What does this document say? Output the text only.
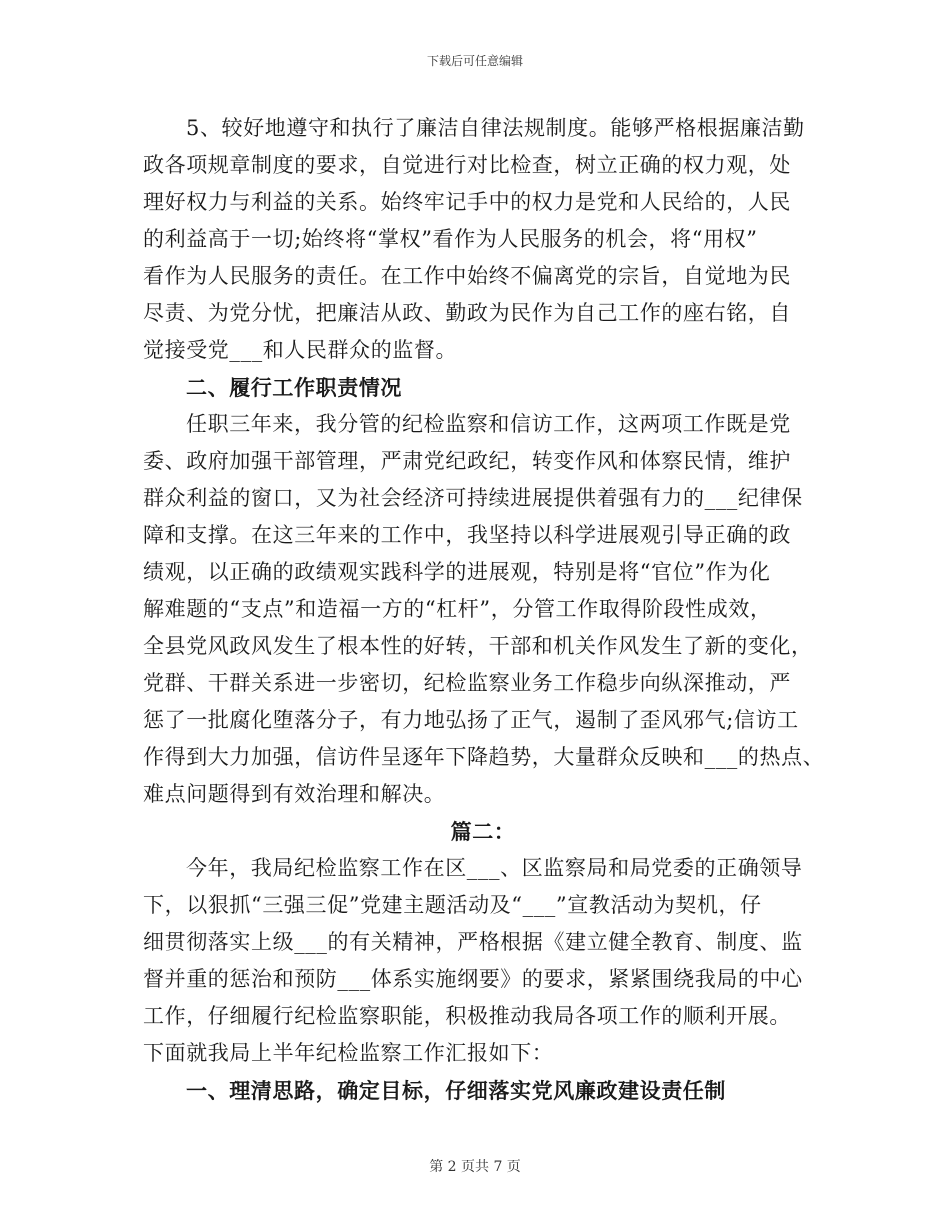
下载后可任意编辑
5、较好地遵守和执行了廉洁自律法规制度。能够严格根据廉洁勤
政各项规章制度的要求，自觉进行对比检查，树立正确的权力观，处
理好权力与利益的关系。始终牢记手中的权力是党和人民给的，人民
的利益高于一切;始终将“掌权”看作为人民服务的机会，将“用权”
看作为人民服务的责任。在工作中始终不偏离党的宗旨，自觉地为民
尽责、为党分忧，把廉洁从政、勤政为民作为自己工作的座右铭，自
觉接受党___和人民群众的监督。
二、履行工作职责情况
任职三年来，我分管的纪检监察和信访工作，这两项工作既是党
委、政府加强干部管理，严肃党纪政纪，转变作风和体察民情，维护
群众利益的窗口，又为社会经济可持续进展提供着强有力的___纪律保
障和支撑。在这三年来的工作中，我坚持以科学进展观引导正确的政
绩观，以正确的政绩观实践科学的进展观，特别是将“官位”作为化
解难题的“支点”和造福一方的“杠杆”，分管工作取得阶段性成效，
全县党风政风发生了根本性的好转，干部和机关作风发生了新的变化，
党群、干群关系进一步密切，纪检监察业务工作稳步向纵深推动，严
惩了一批腐化堕落分子，有力地弘扬了正气，遏制了歪风邪气;信访工
作得到大力加强，信访件呈逐年下降趋势，大量群众反映和___的热点、
难点问题得到有效治理和解决。
篇二：
今年，我局纪检监察工作在区___、区监察局和局党委的正确领导
下，以狠抓“三强三促”党建主题活动及“___”宣教活动为契机，仔
细贯彻落实上级___的有关精神，严格根据《建立健全教育、制度、监
督并重的惩治和预防___体系实施纲要》的要求，紧紧围绕我局的中心
工作，仔细履行纪检监察职能，积极推动我局各项工作的顺利开展。
下面就我局上半年纪检监察工作汇报如下：
一、理清思路，确定目标，仔细落实党风廉政建设责任制
第 2 页共 7 页
